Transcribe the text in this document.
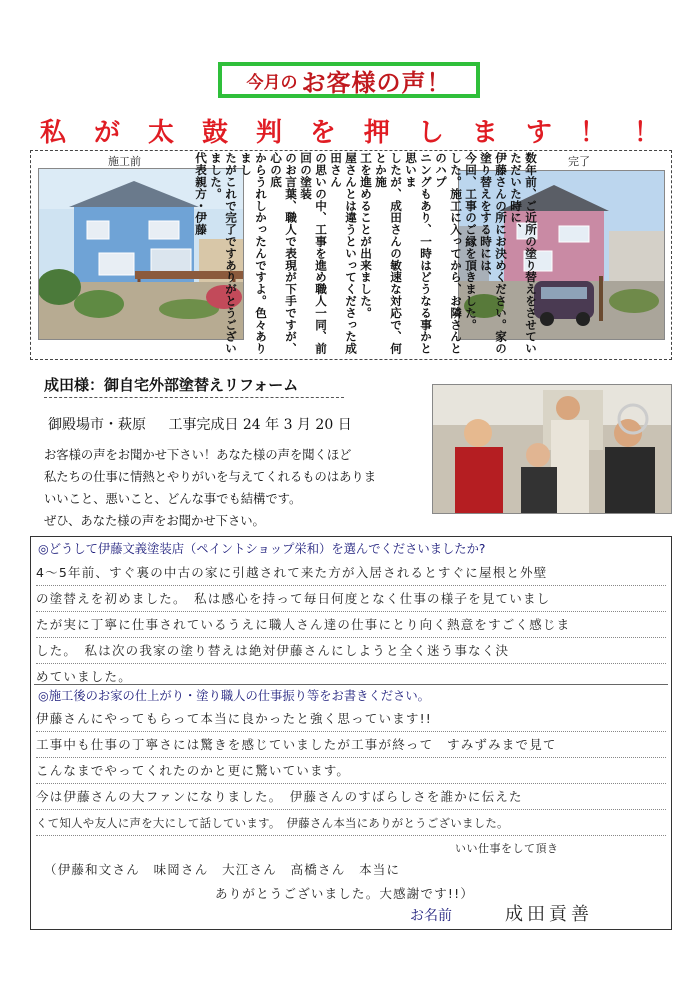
今月の お客様の声！
私 が 太 鼓 判 を 押 し ま す ！ ！
施工前	完了
数年前、ご近所の塗り替えをさせていただいた時に、
伊藤さんの所にお決めください。家の塗り替えをする時には、
今回、工事のご縁を頂きました。
した。施工に入ってから、お隣さんとのハプ
ニングもあり、一時はどうなる事かと思いま
したが、成田さんの敏速な対応で、何とか施
工を進めることが出来ました。
屋さんとは違うといってくださった成田さん
の思いの中、工事を進め職人一同、前回の塗装
のお言葉、職人で表現が下手ですが、心の底
からうれしかったんですよ。色々ありまし
たがこれで完了ですありがとうございました。
代表親方・伊藤
成田様：御自宅外部塗替えリフォーム
御殿場市・萩原 工事完成日 24 年 3 月 20 日
お客様の声をお聞かせ下さい！あなた様の声を聞くほど
私たちの仕事に情熱とやりがいを与えてくれるものはありま
いいこと、悪いこと、どんな事でも結構です。
ぜひ、あなた様の声をお聞かせ下さい。
◎どうして伊藤文義塗装店（ペイントショップ栄和）を選んでくださいましたか?
4～5年前、すぐ裏の中古の家に引越されて来た方が入居されるとすぐに屋根と外壁
の塗替えを初めました。　私は感心を持って毎日何度となく仕事の様子を見ていまし
たが実に丁寧に仕事されているうえに職人さん達の仕事にとり向く熱意をすごく感じま
した。　私は次の我家の塗り替えは絶対伊藤さんにしようと全く迷う事なく決
めていました。
◎施工後のお家の仕上がり・塗り職人の仕事振り等をお書きください。
伊藤さんにやってもらって本当に良かったと強く思っています!!
工事中も仕事の丁寧さには驚きを感じていましたが工事が終って　すみずみまで見て
こんなまでやってくれたのかと更に驚いています。
今は伊藤さんの大ファンになりました。　伊藤さんのすばらしさを誰かに伝えた
くて知人や友人に声を大にして話しています。　伊藤さん本当にありがとうございました。
いい仕事をして頂き
（伊藤和文さん　味岡さん　大江さん　高橋さん　本当に
ありがとうございました。大感謝です!!）
お名前	成田貢善
